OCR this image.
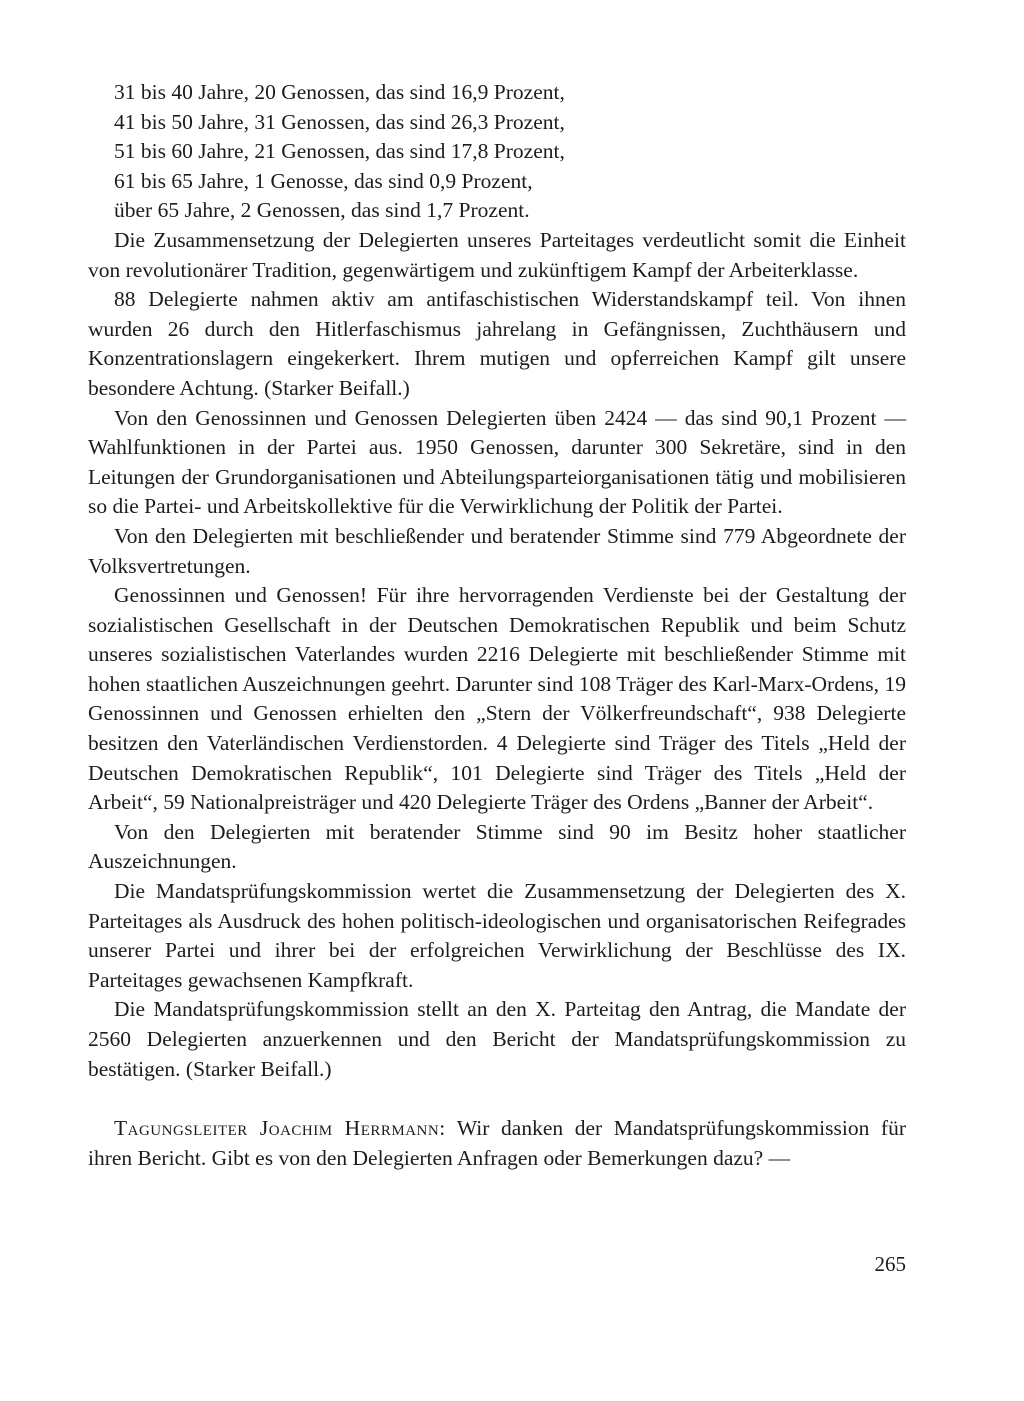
31 bis 40 Jahre, 20 Genossen, das sind 16,9 Prozent,
41 bis 50 Jahre, 31 Genossen, das sind 26,3 Prozent,
51 bis 60 Jahre, 21 Genossen, das sind 17,8 Prozent,
61 bis 65 Jahre, 1 Genosse, das sind 0,9 Prozent,
über 65 Jahre, 2 Genossen, das sind 1,7 Prozent.

Die Zusammensetzung der Delegierten unseres Parteitages verdeutlicht somit die Einheit von revolutionärer Tradition, gegenwärtigem und zukünftigem Kampf der Arbeiterklasse.

88 Delegierte nahmen aktiv am antifaschistischen Widerstandskampf teil. Von ihnen wurden 26 durch den Hitlerfaschismus jahrelang in Gefängnissen, Zuchthäusern und Konzentrationslagern eingekerkert. Ihrem mutigen und opferreichen Kampf gilt unsere besondere Achtung. (Starker Beifall.)

Von den Genossinnen und Genossen Delegierten üben 2424 — das sind 90,1 Prozent — Wahlfunktionen in der Partei aus. 1950 Genossen, darunter 300 Sekretäre, sind in den Leitungen der Grundorganisationen und Abteilungsparteiorganisationen tätig und mobilisieren so die Partei- und Arbeitskollektive für die Verwirklichung der Politik der Partei.

Von den Delegierten mit beschließender und beratender Stimme sind 779 Abgeordnete der Volksvertretungen.

Genossinnen und Genossen! Für ihre hervorragenden Verdienste bei der Gestaltung der sozialistischen Gesellschaft in der Deutschen Demokratischen Republik und beim Schutz unseres sozialistischen Vaterlandes wurden 2216 Delegierte mit beschließender Stimme mit hohen staatlichen Auszeichnungen geehrt. Darunter sind 108 Träger des Karl-Marx-Ordens, 19 Genossinnen und Genossen erhielten den „Stern der Völkerfreundschaft“, 938 Delegierte besitzen den Vaterländischen Verdienstorden. 4 Delegierte sind Träger des Titels „Held der Deutschen Demokratischen Republik“, 101 Delegierte sind Träger des Titels „Held der Arbeit“, 59 Nationalpreisträger und 420 Delegierte Träger des Ordens „Banner der Arbeit“.

Von den Delegierten mit beratender Stimme sind 90 im Besitz hoher staatlicher Auszeichnungen.

Die Mandatsprüfungskommission wertet die Zusammensetzung der Delegierten des X. Parteitages als Ausdruck des hohen politisch-ideologischen und organisatorischen Reifegrades unserer Partei und ihrer bei der erfolgreichen Verwirklichung der Beschlüsse des IX. Parteitages gewachsenen Kampfkraft.

Die Mandatsprüfungskommission stellt an den X. Parteitag den Antrag, die Mandate der 2560 Delegierten anzuerkennen und den Bericht der Mandatsprüfungskommission zu bestätigen. (Starker Beifall.)

Tagungsleiter Joachim Herrmann: Wir danken der Mandatsprüfungskommission für ihren Bericht. Gibt es von den Delegierten Anfragen oder Bemerkungen dazu? —

265
